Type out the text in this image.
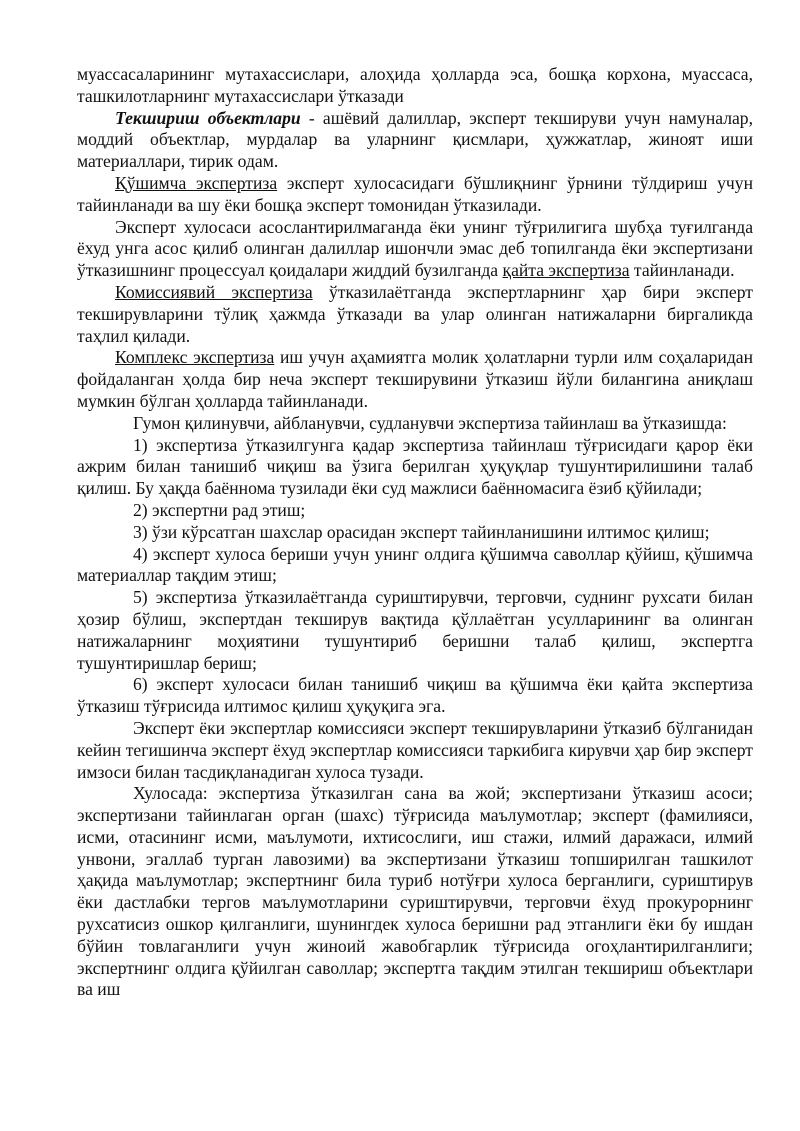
муассасаларининг мутахассислари, алоҳида ҳолларда эса, бошқа корхона, муассаса, ташкилотларнинг мутахассислари ўтказади

Текшириш объектлари - ашёвий далиллар, эксперт текшируви учун намуналар, моддий объектлар, мурдалар ва уларнинг қисмлари, ҳужжатлар, жиноят иши материаллари, тирик одам.

Қўшимча экспертиза эксперт хулосасидаги бўшлиқнинг ўрнини тўлдириш учун тайинланади ва шу ёки бошқа эксперт томонидан ўтказилади.

Эксперт хулосаси асослантирилмаганда ёки унинг тўғрилигига шубҳа туғилганда ёхуд унга асос қилиб олинган далиллар ишончли эмас деб топилганда ёки экспертизани ўтказишнинг процессуал қоидалари жиддий бузилганда қайта экспертиза тайинланади.

Комиссиявий экспертиза ўтказилаётганда экспертларнинг ҳар бири эксперт текширувларини тўлиқ ҳажмда ўтказади ва улар олинган натижаларни биргаликда таҳлил қилади.

Комплекс экспертиза иш учун аҳамиятга молик ҳолатларни турли илм соҳаларидан фойдаланган ҳолда бир неча эксперт текширувини ўтказиш йўли билангина аниқлаш мумкин бўлган ҳолларда тайинланади.

Гумон қилинувчи, айбланувчи, судланувчи экспертиза тайинлаш ва ўтказишда:

1) экспертиза ўтказилгунга қадар экспертиза тайинлаш тўғрисидаги қарор ёки ажрим билан танишиб чиқиш ва ўзига берилган ҳуқуқлар тушунтирилишини талаб қилиш. Бу ҳақда баённома тузилади ёки суд мажлиси баённомасига ёзиб қўйилади;

2) экспертни рад этиш;

3) ўзи кўрсатган шахслар орасидан эксперт тайинланишини илтимос қилиш;

4) эксперт хулоса бериши учун унинг олдига қўшимча саволлар қўйиш, қўшимча материаллар тақдим этиш;

5) экспертиза ўтказилаётганда суриштирувчи, терговчи, суднинг рухсати билан ҳозир бўлиш, экспертдан текширув вақтида қўллаётган усулларининг ва олинган натижаларнинг моҳиятини тушунтириб беришни талаб қилиш, экспертга тушунтиришлар бериш;

6) эксперт хулосаси билан танишиб чиқиш ва қўшимча ёки қайта экспертиза ўтказиш тўғрисида илтимос қилиш ҳуқуқига эга.

Эксперт ёки экспертлар комиссияси эксперт текширувларини ўтказиб бўлганидан кейин тегишинча эксперт ёхуд экспертлар комиссияси таркибига кирувчи ҳар бир эксперт имзоси билан тасдиқланадиган хулоса тузади.

Хулосада: экспертиза ўтказилган сана ва жой; экспертизани ўтказиш асоси; экспертизани тайинлаган орган (шахс) тўғрисида маълумотлар; эксперт (фамилияси, исми, отасининг исми, маълумоти, ихтисослиги, иш стажи, илмий даражаси, илмий унвони, эгаллаб турган лавозими) ва экспертизани ўтказиш топширилган ташкилот ҳақида маълумотлар; экспертнинг била туриб нотўғри хулоса берганлиги, суриштирув ёки дастлабки тергов маълумотларини суриштирувчи, терговчи ёхуд прокурорнинг рухсатисиз ошкор қилганлиги, шунингдек хулоса беришни рад этганлиги ёки бу ишдан бўйин товлаганлиги учун жиноий жавобгарлик тўғрисида огоҳлантирилганлиги; экспертнинг олдига қўйилган саволлар; экспертга тақдим этилган текшириш объектлари ва иш
